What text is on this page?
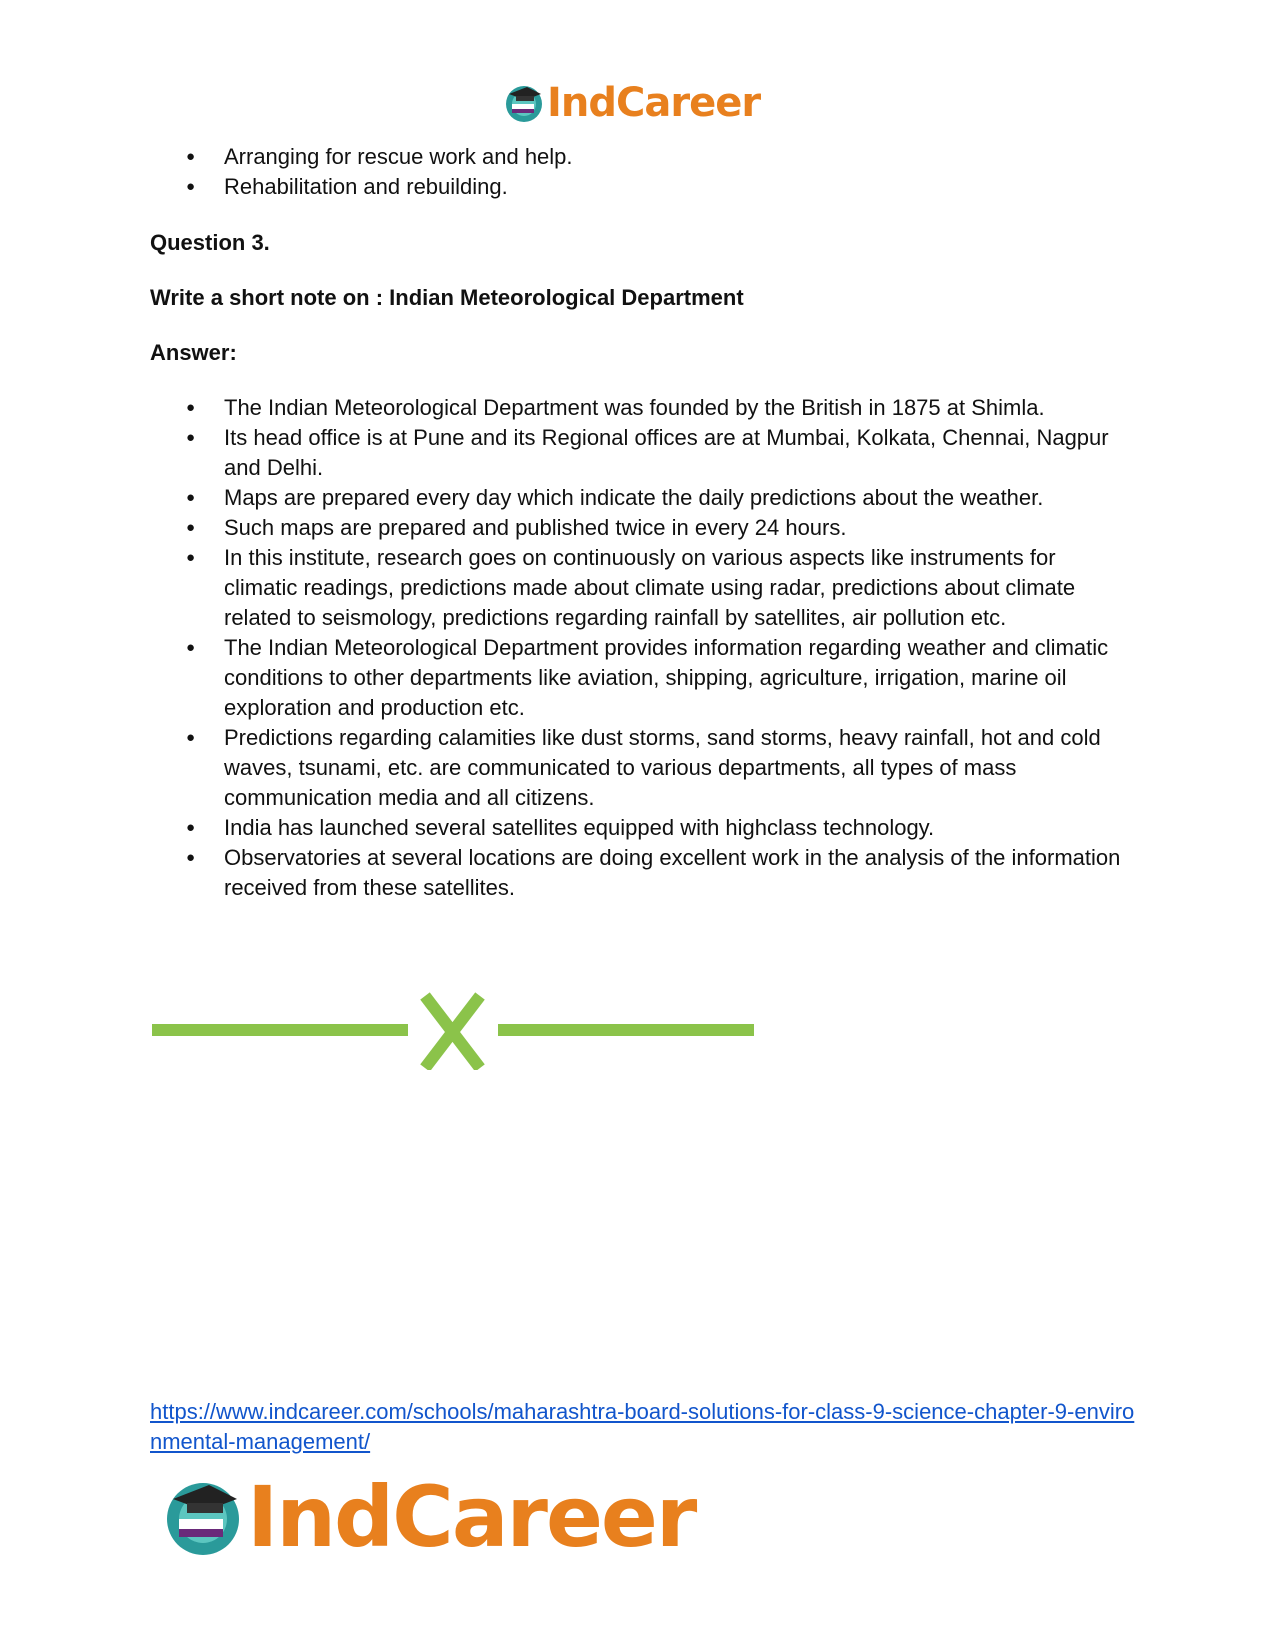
IndCareer
● Arranging for rescue work and help.
● Rehabilitation and rebuilding.

Question 3.

Write a short note on : Indian Meteorological Department

Answer:

● The Indian Meteorological Department was founded by the British in 1875 at Shimla.
● Its head office is at Pune and its Regional offices are at Mumbai, Kolkata, Chennai, Nagpur and Delhi.
● Maps are prepared every day which indicate the daily predictions about the weather.
● Such maps are prepared and published twice in every 24 hours.
● In this institute, research goes on continuously on various aspects like instruments for climatic readings, predictions made about climate using radar, predictions about climate related to seismology, predictions regarding rainfall by satellites, air pollution etc.
● The Indian Meteorological Department provides information regarding weather and climatic conditions to other departments like aviation, shipping, agriculture, irrigation, marine oil exploration and production etc.
● Predictions regarding calamities like dust storms, sand storms, heavy rainfall, hot and cold waves, tsunami, etc. are communicated to various departments, all types of mass communication media and all citizens.
● India has launched several satellites equipped with highclass technology.
● Observatories at several locations are doing excellent work in the analysis of the information received from these satellites.
https://www.indcareer.com/schools/maharashtra-board-solutions-for-class-9-science-chapter-9-environmental-management/
IndCareer
